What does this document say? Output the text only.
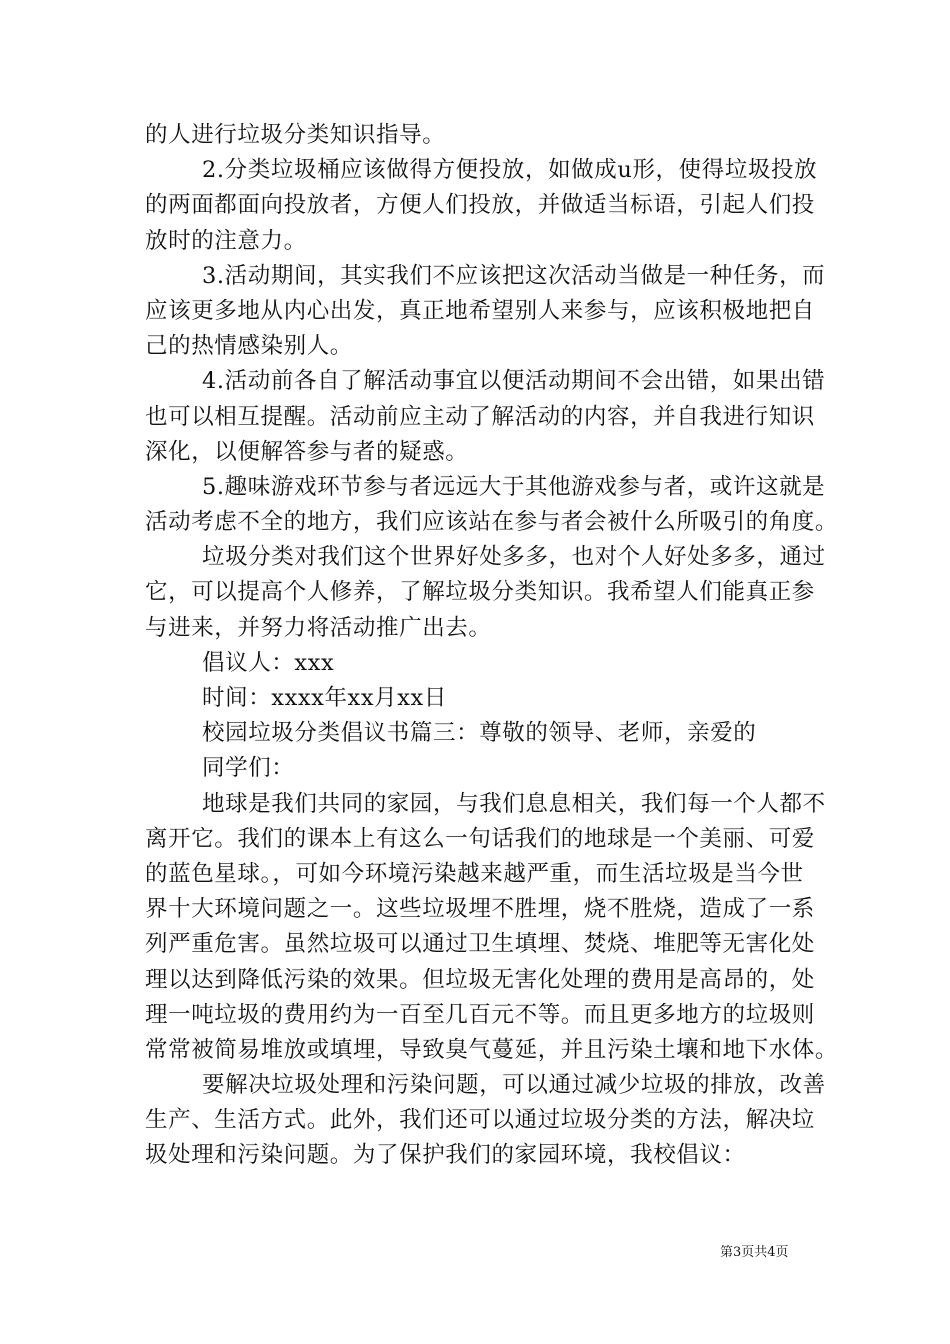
的人进行垃圾分类知识指导。
2.分类垃圾桶应该做得方便投放，如做成u形，使得垃圾投放
的两面都面向投放者，方便人们投放，并做适当标语，引起人们投
放时的注意力。
3.活动期间，其实我们不应该把这次活动当做是一种任务，而
应该更多地从内心出发，真正地希望别人来参与，应该积极地把自
己的热情感染别人。
4.活动前各自了解活动事宜以便活动期间不会出错，如果出错
也可以相互提醒。活动前应主动了解活动的内容，并自我进行知识
深化，以便解答参与者的疑惑。
5.趣味游戏环节参与者远远大于其他游戏参与者，或许这就是
活动考虑不全的地方，我们应该站在参与者会被什么所吸引的角度。
垃圾分类对我们这个世界好处多多，也对个人好处多多，通过
它，可以提高个人修养，了解垃圾分类知识。我希望人们能真正参
与进来，并努力将活动推广出去。
倡议人：xxx
时间：xxxx年xx月xx日
校园垃圾分类倡议书篇三：尊敬的领导、老师，亲爱的
同学们：
地球是我们共同的家园，与我们息息相关，我们每一个人都不
离开它。我们的课本上有这么一句话我们的地球是一个美丽、可爱
的蓝色星球。，可如今环境污染越来越严重，而生活垃圾是当今世
界十大环境问题之一。这些垃圾埋不胜埋，烧不胜烧，造成了一系
列严重危害。虽然垃圾可以通过卫生填埋、焚烧、堆肥等无害化处
理以达到降低污染的效果。但垃圾无害化处理的费用是高昂的，处
理一吨垃圾的费用约为一百至几百元不等。而且更多地方的垃圾则
常常被简易堆放或填埋，导致臭气蔓延，并且污染土壤和地下水体。
要解决垃圾处理和污染问题，可以通过减少垃圾的排放，改善
生产、生活方式。此外，我们还可以通过垃圾分类的方法，解决垃
圾处理和污染问题。为了保护我们的家园环境，我校倡议：
第3页共4页
